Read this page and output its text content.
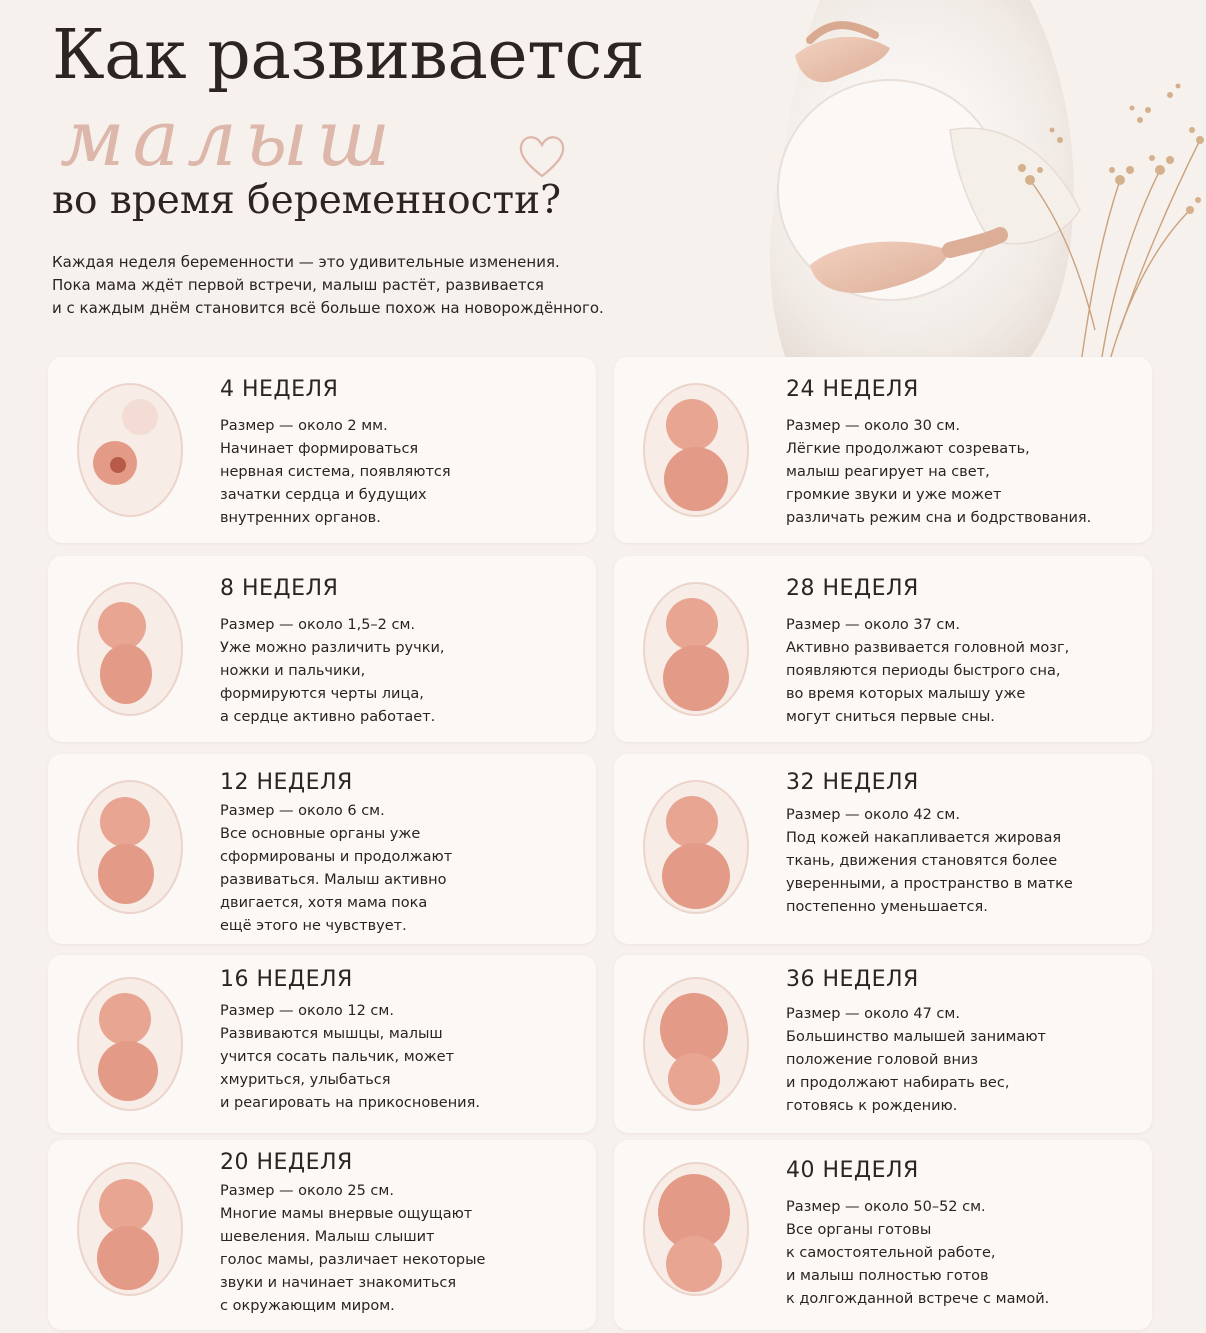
Как развивается
малыш
во время беременности?
Каждая неделя беременности — это удивительные изменения.
Пока мама ждёт первой встречи, малыш растёт, развивается
и с каждым днём становится всё больше похож на новорождённого.
4 НЕДЕЛЯ
Размер — около 2 мм.
Начинает формироваться
нервная система, появляются
зачатки сердца и будущих
внутренних органов.
8 НЕДЕЛЯ
Размер — около 1,5–2 см.
Уже можно различить ручки,
ножки и пальчики,
формируются черты лица,
а сердце активно работает.
12 НЕДЕЛЯ
Размер — около 6 см.
Все основные органы уже
сформированы и продолжают
развиваться. Малыш активно
двигается, хотя мама пока
ещё этого не чувствует.
16 НЕДЕЛЯ
Размер — около 12 см.
Развиваются мышцы, малыш
учится сосать пальчик, может
хмуриться, улыбаться
и реагировать на прикосновения.
20 НЕДЕЛЯ
Размер — около 25 см.
Многие мамы внервые ощущают
шевеления. Малыш слышит
голос мамы, различает некоторые
звуки и начинает знакомиться
с окружающим миром.
24 НЕДЕЛЯ
Размер — около 30 см.
Лёгкие продолжают созревать,
малыш реагирует на свет,
громкие звуки и уже может
различать режим сна и бодрствования.
28 НЕДЕЛЯ
Размер — около 37 см.
Активно развивается головной мозг,
появляются периоды быстрого сна,
во время которых малышу уже
могут сниться первые сны.
32 НЕДЕЛЯ
Размер — около 42 см.
Под кожей накапливается жировая
ткань, движения становятся более
уверенными, а пространство в матке
постепенно уменьшается.
36 НЕДЕЛЯ
Размер — около 47 см.
Большинство малышей занимают
положение головой вниз
и продолжают набирать вес,
готовясь к рождению.
40 НЕДЕЛЯ
Размер — около 50–52 см.
Все органы готовы
к самостоятельной работе,
и малыш полностью готов
к долгожданной встрече с мамой.
